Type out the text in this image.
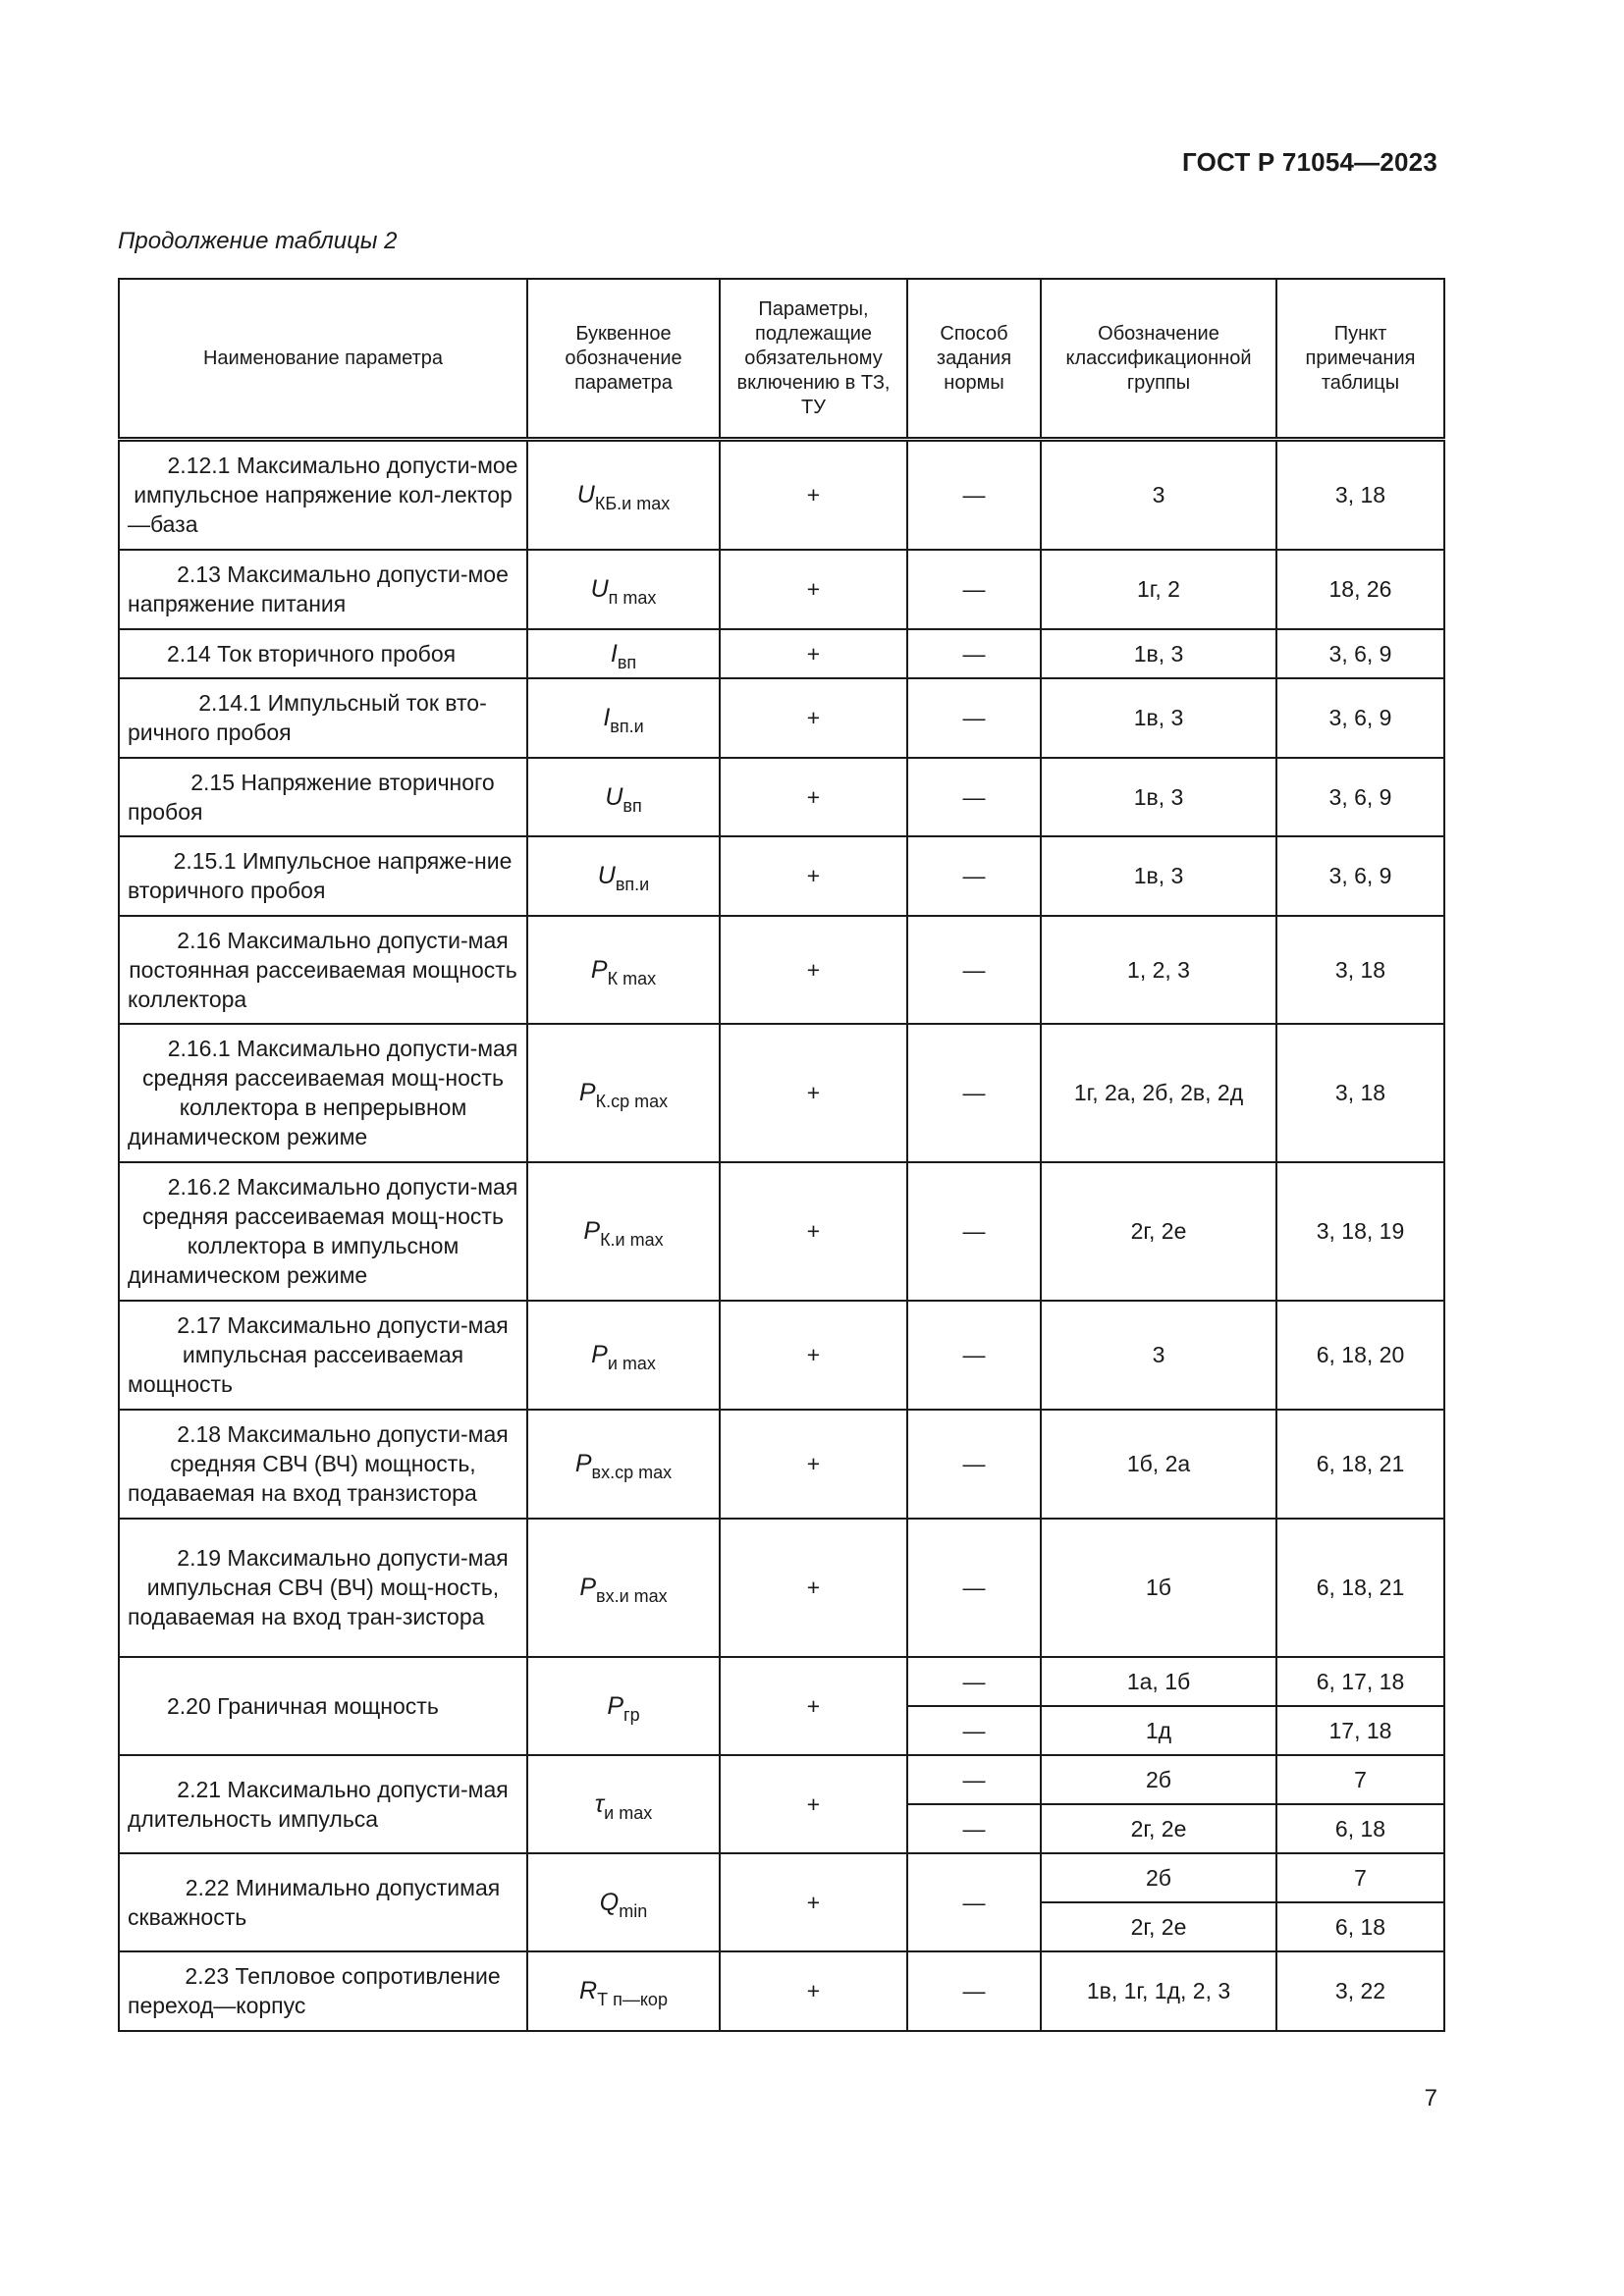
ГОСТ Р 71054—2023
Продолжение таблицы 2
Наименование параметра	Буквенное обозначение параметра	Параметры, подлежащие обязательному включению в ТЗ, ТУ	Способ задания нормы	Обозначение классификационной группы	Пункт примечания таблицы
2.12.1 Максимально допусти-мое импульсное напряжение кол-лектор—база	$U_{КБ.и max}$	+	—	3	3, 18
2.13 Максимально допусти-мое напряжение питания	$U_{п max}$	+	—	1г, 2	18, 26
2.14 Ток вторичного пробоя	$I_{вп}$	+	—	1в, 3	3, 6, 9
2.14.1 Импульсный ток вто-ричного пробоя	$I_{вп.и}$	+	—	1в, 3	3, 6, 9
2.15 Напряжение вторичного пробоя	$U_{вп}$	+	—	1в, 3	3, 6, 9
2.15.1 Импульсное напряже-ние вторичного пробоя	$U_{вп.и}$	+	—	1в, 3	3, 6, 9
2.16 Максимально допусти-мая постоянная рассеиваемая мощность коллектора	$P_{К max}$	+	—	1, 2, 3	3, 18
2.16.1 Максимально допусти-мая средняя рассеиваемая мощ-ность коллектора в непрерывном динамическом режиме	$P_{К.ср max}$	+	—	1г, 2а, 2б, 2в, 2д	3, 18
2.16.2 Максимально допусти-мая средняя рассеиваемая мощ-ность коллектора в импульсном динамическом режиме	$P_{К.и max}$	+	—	2г, 2е	3, 18, 19
2.17 Максимально допусти-мая импульсная рассеиваемая мощность	$P_{и max}$	+	—	3	6, 18, 20
2.18 Максимально допусти-мая средняя СВЧ (ВЧ) мощность, подаваемая на вход транзистора	$P_{вх.ср max}$	+	—	1б, 2а	6, 18, 21
2.19 Максимально допусти-мая импульсная СВЧ (ВЧ) мощ-ность, подаваемая на вход тран-зистора	$P_{вх.и max}$	+	—	1б	6, 18, 21
2.20 Граничная мощность	$P_{гр}$	+	—	1а, 1б	6, 17, 18
			—	1д	17, 18
2.21 Максимально допусти-мая длительность импульса	$\tau_{и max}$	+	—	2б	7
			—	2г, 2е	6, 18
2.22 Минимально допустимая скважность	$Q_{min}$	+	—	2б	7
				2г, 2е	6, 18
2.23 Тепловое сопротивление переход—корпус	$R_{Т п—кор}$	+	—	1в, 1г, 1д, 2, 3	3, 22
7
